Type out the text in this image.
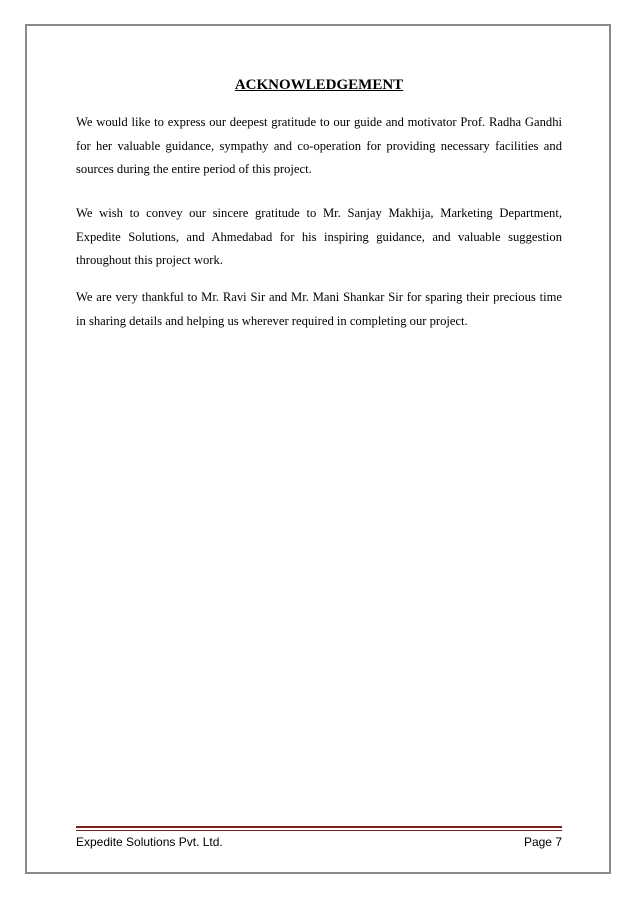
ACKNOWLEDGEMENT

We would like to express our deepest gratitude to our guide and motivator Prof. Radha Gandhi for her valuable guidance, sympathy and co-operation for providing necessary facilities and sources during the entire period of this project.

We wish to convey our sincere gratitude to Mr. Sanjay Makhija, Marketing Department, Expedite Solutions, and Ahmedabad for his inspiring guidance, and valuable suggestion throughout this project work.

We are very thankful to Mr. Ravi Sir and Mr. Mani Shankar Sir for sparing their precious time in sharing details and helping us wherever required in completing our project.

Expedite Solutions Pvt. Ltd.	Page 7
